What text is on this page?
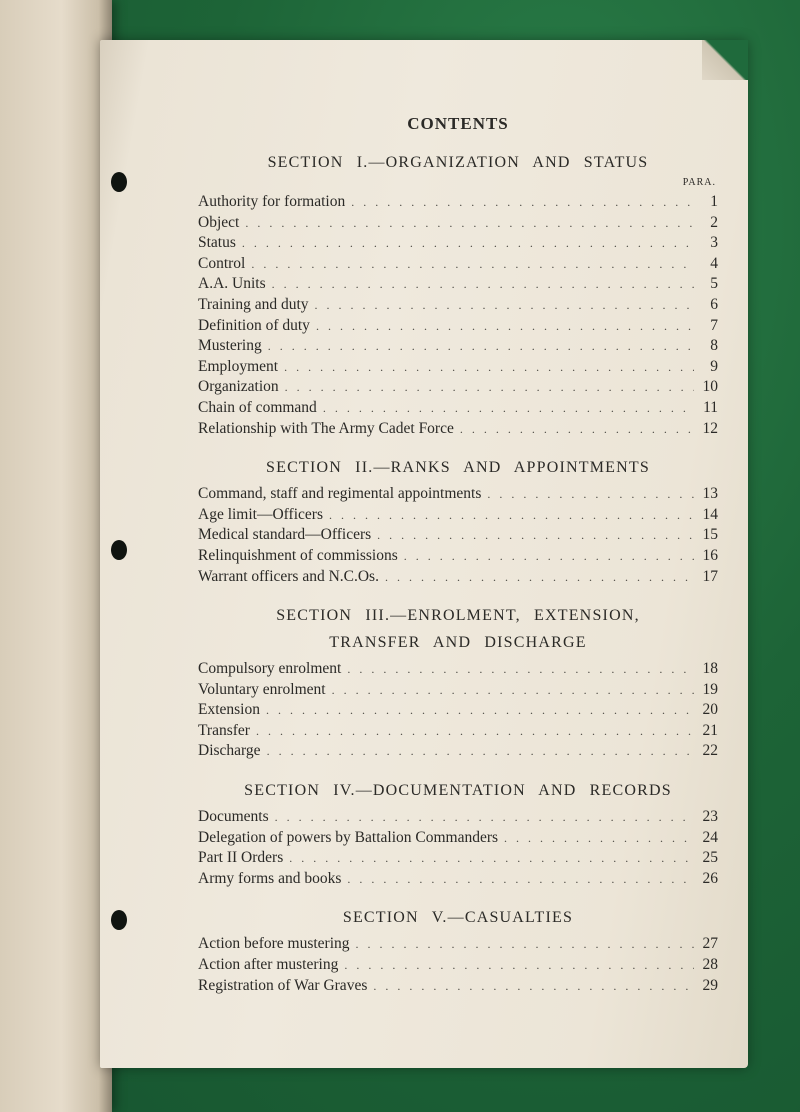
CONTENTS
SECTION I.—ORGANIZATION AND STATUS
PARA.
Authority for formation .....	1
Object .....	2
Status .....	3
Control .....	4
A.A. Units .....	5
Training and duty .....	6
Definition of duty .....	7
Mustering .....	8
Employment .....	9
Organization .....	10
Chain of command .....	11
Relationship with The Army Cadet Force .....	12
SECTION II.—RANKS AND APPOINTMENTS
Command, staff and regimental appointments .....	13
Age limit—Officers .....	14
Medical standard—Officers .....	15
Relinquishment of commissions .....	16
Warrant officers and N.C.Os. .....	17
SECTION III.—ENROLMENT, EXTENSION,
TRANSFER AND DISCHARGE
Compulsory enrolment .....	18
Voluntary enrolment .....	19
Extension .....	20
Transfer .....	21
Discharge .....	22
SECTION IV.—DOCUMENTATION AND RECORDS
Documents .....	23
Delegation of powers by Battalion Commanders .....	24
Part II Orders .....	25
Army forms and books .....	26
SECTION V.—CASUALTIES
Action before mustering .....	27
Action after mustering .....	28
Registration of War Graves .....	29
